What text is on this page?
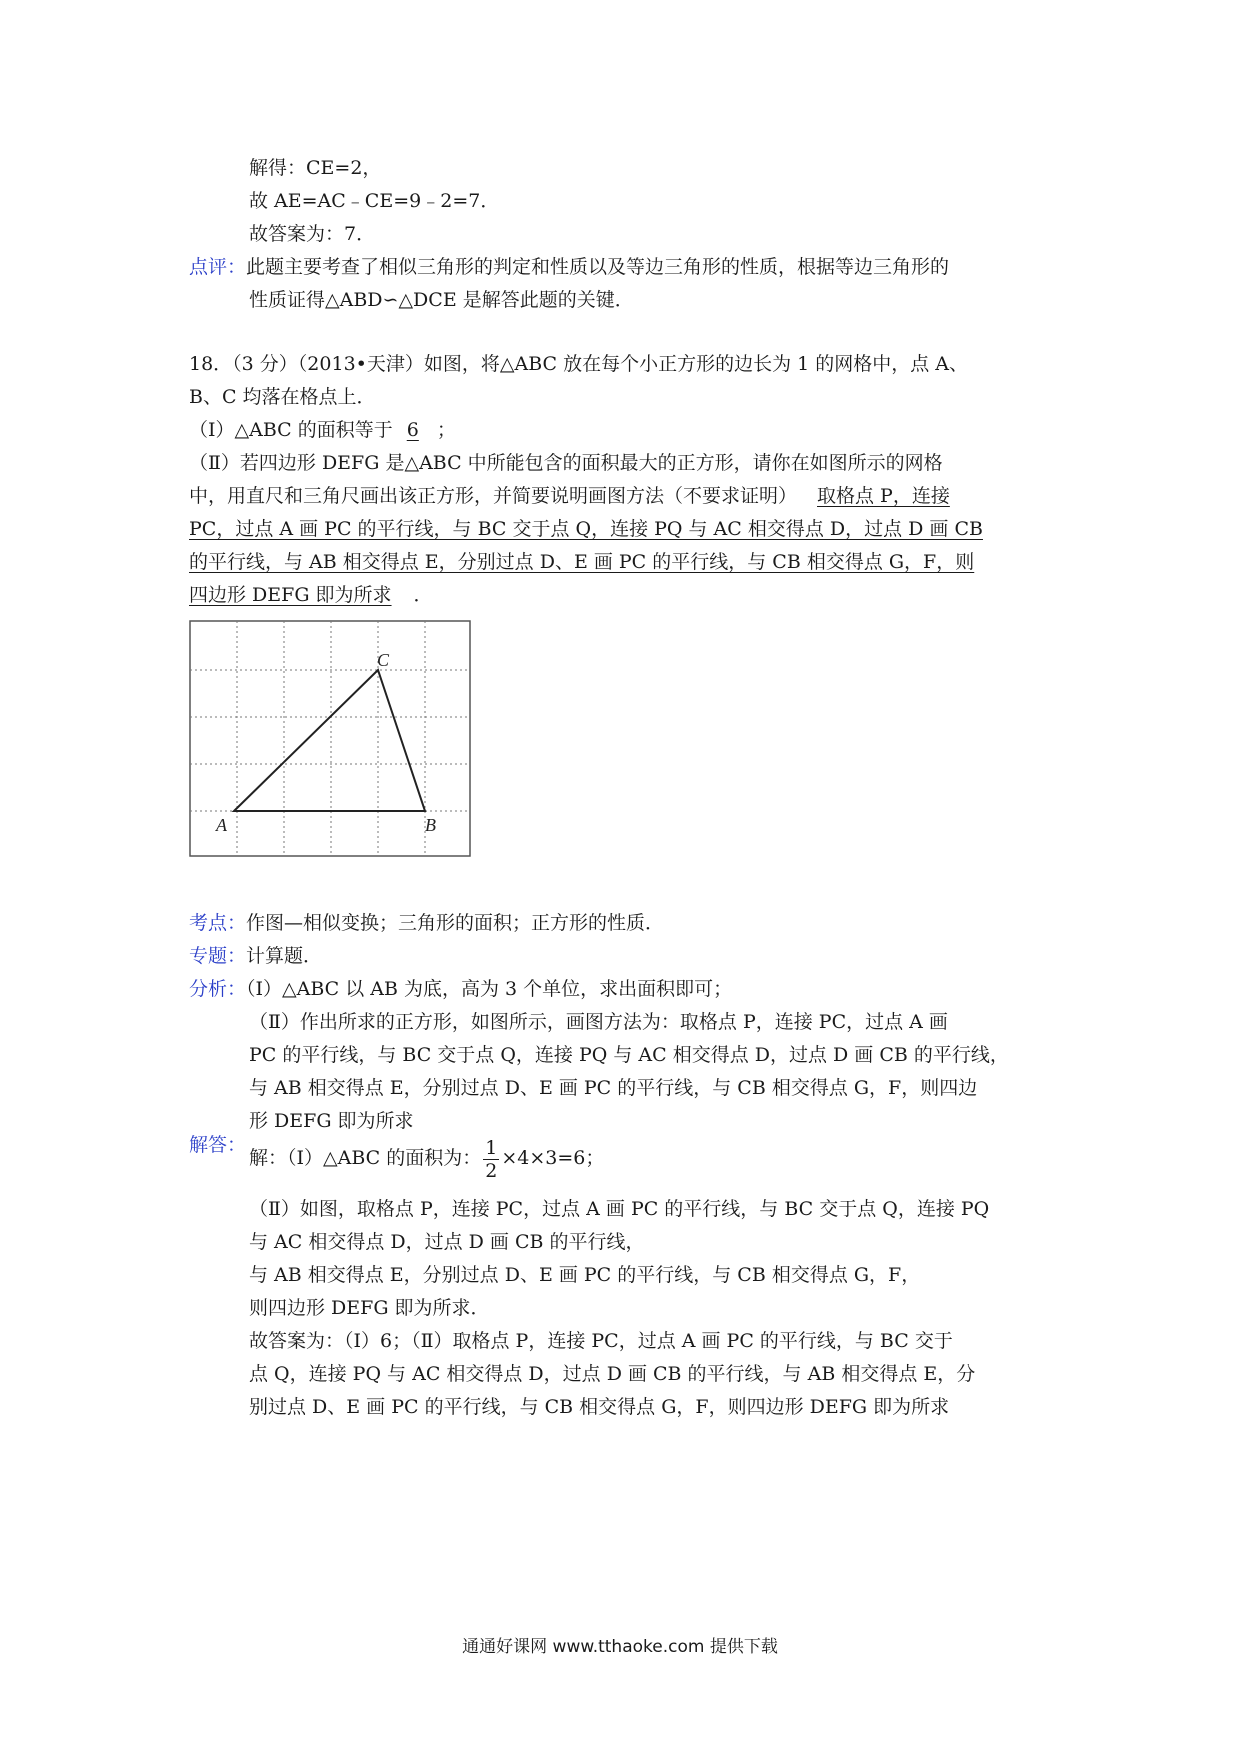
解得：CE=2，
故 AE=AC﹣CE=9﹣2=7．
故答案为：7．
点评：此题主要考查了相似三角形的判定和性质以及等边三角形的性质，根据等边三角形的
性质证得△ABD∽△DCE 是解答此题的关键．
18．（3 分）（2013•天津）如图，将△ABC 放在每个小正方形的边长为 1 的网格中，点 A、
B、C 均落在格点上．
（Ⅰ）△ABC 的面积等于 6 ；
（Ⅱ）若四边形 DEFG 是△ABC 中所能包含的面积最大的正方形，请你在如图所示的网格
中，用直尺和三角尺画出该正方形，并简要说明画图方法（不要求证明） 取格点 P，连接
PC，过点 A 画 PC 的平行线，与 BC 交于点 Q，连接 PQ 与 AC 相交得点 D，过点 D 画 CB
的平行线，与 AB 相交得点 E，分别过点 D、E 画 PC 的平行线，与 CB 相交得点 G，F，则
四边形 DEFG 即为所求 ．
A	B
C
考点：作图—相似变换；三角形的面积；正方形的性质．
专题：计算题．
分析：（Ⅰ）△ABC 以 AB 为底，高为 3 个单位，求出面积即可；
（Ⅱ）作出所求的正方形，如图所示，画图方法为：取格点 P，连接 PC，过点 A 画
PC 的平行线，与 BC 交于点 Q，连接 PQ 与 AC 相交得点 D，过点 D 画 CB 的平行线，
与 AB 相交得点 E，分别过点 D、E 画 PC 的平行线，与 CB 相交得点 G，F，则四边
形 DEFG 即为所求
解答：
解：（Ⅰ）△ABC 的面积为： $\frac{1}{2} \times 4\times 3=6$；
（Ⅱ）如图，取格点 P，连接 PC，过点 A 画 PC 的平行线，与 BC 交于点 Q，连接 PQ
与 AC 相交得点 D，过点 D 画 CB 的平行线，
与 AB 相交得点 E，分别过点 D、E 画 PC 的平行线，与 CB 相交得点 G，F，
则四边形 DEFG 即为所求．
故答案为：（Ⅰ）6；（Ⅱ）取格点 P，连接 PC，过点 A 画 PC 的平行线，与 BC 交于
点 Q，连接 PQ 与 AC 相交得点 D，过点 D 画 CB 的平行线，与 AB 相交得点 E，分
别过点 D、E 画 PC 的平行线，与 CB 相交得点 G，F，则四边形 DEFG 即为所求
通通好课网 www.tthaoke.com 提供下载
